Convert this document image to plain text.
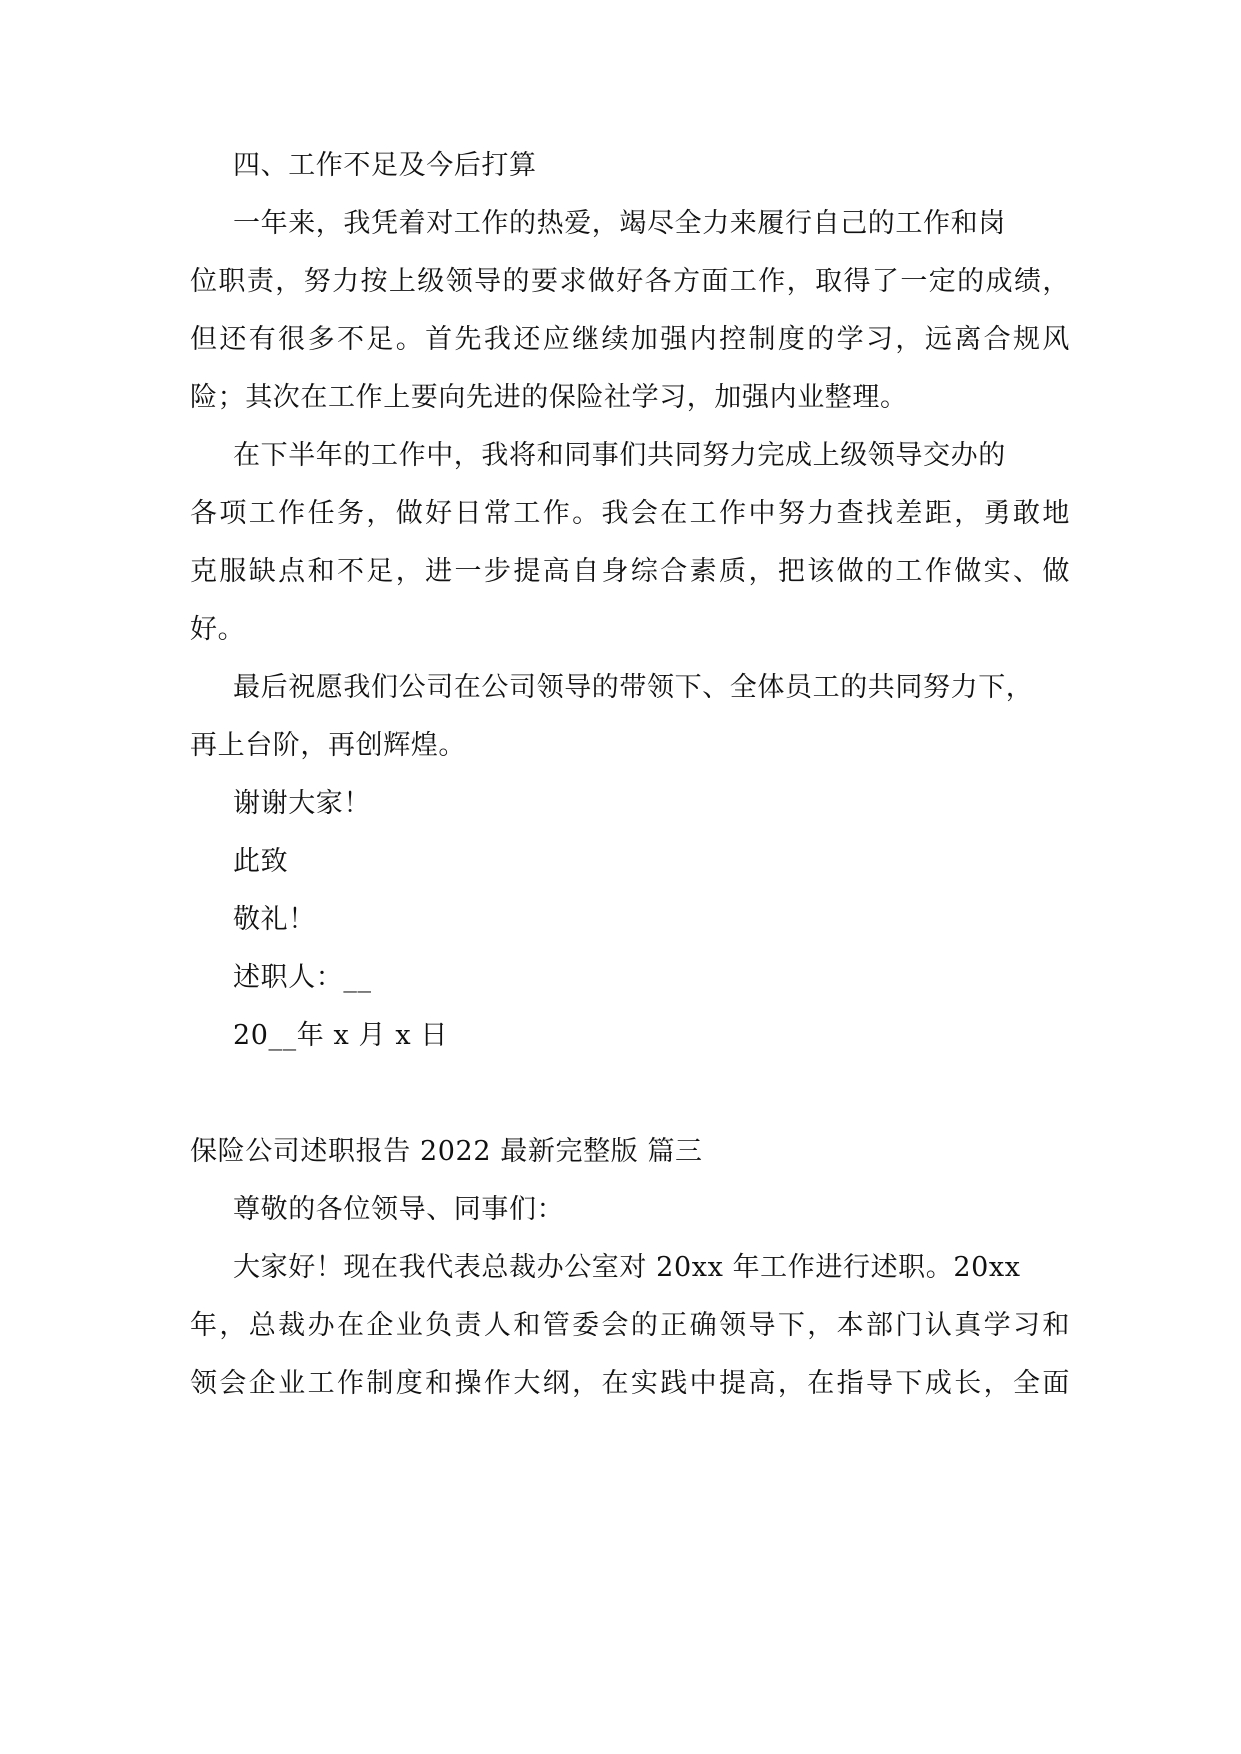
四、工作不足及今后打算
一年来，我凭着对工作的热爱，竭尽全力来履行自己的工作和岗
位职责，努力按上级领导的要求做好各方面工作，取得了一定的成绩，
但还有很多不足。首先我还应继续加强内控制度的学习，远离合规风
险；其次在工作上要向先进的保险社学习，加强内业整理。
在下半年的工作中，我将和同事们共同努力完成上级领导交办的
各项工作任务，做好日常工作。我会在工作中努力查找差距，勇敢地
克服缺点和不足，进一步提高自身综合素质，把该做的工作做实、做
好。
最后祝愿我们公司在公司领导的带领下、全体员工的共同努力下，
再上台阶，再创辉煌。
谢谢大家！
此致
敬礼！
述职人：__
20__年 x 月 x 日
保险公司述职报告 2022 最新完整版 篇三
尊敬的各位领导、同事们：
大家好！现在我代表总裁办公室对 20xx 年工作进行述职。20xx
年，总裁办在企业负责人和管委会的正确领导下，本部门认真学习和
领会企业工作制度和操作大纲，在实践中提高，在指导下成长，全面
